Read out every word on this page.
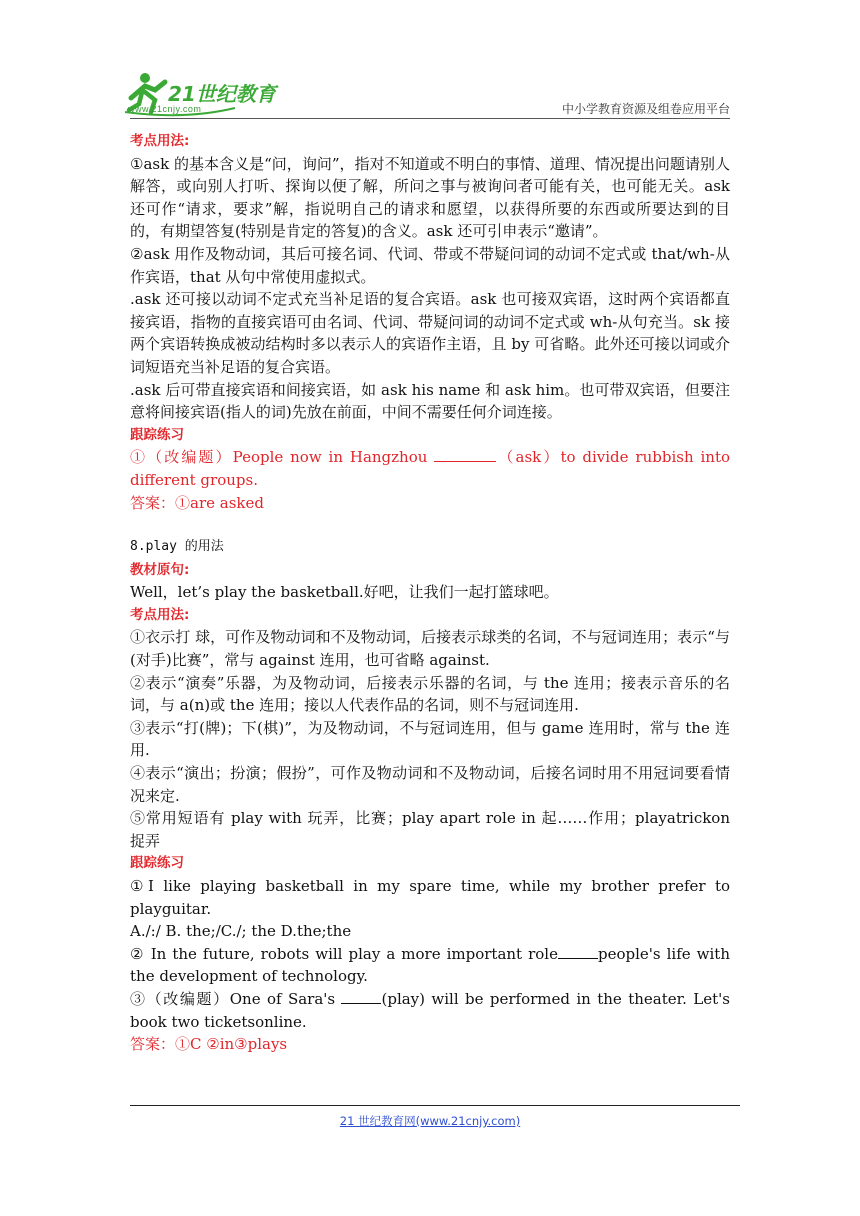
21世纪教育
www.21cnjy.com	中小学教育资源及组卷应用平台

考点用法:

①ask 的基本含义是“问，询问”，指对不知道或不明白的事情、道理、情况提出问题请别人解答，或向别人打听、探询以便了解，所问之事与被询问者可能有关，也可能无关。ask 还可作“请求，要求”解，指说明自己的请求和愿望，以获得所要的东西或所要达到的目的，有期望答复(特别是肯定的答复)的含义。ask 还可引申表示“邀请”。

②ask 用作及物动词，其后可接名词、代词、带或不带疑问词的动词不定式或 that/wh-从作宾语，that 从句中常使用虚拟式。

.ask 还可接以动词不定式充当补足语的复合宾语。ask 也可接双宾语，这时两个宾语都直接宾语，指物的直接宾语可由名词、代词、带疑问词的动词不定式或 wh-从句充当。sk 接两个宾语转换成被动结构时多以表示人的宾语作主语，且 by 可省略。此外还可接以词或介词短语充当补足语的复合宾语。

.ask 后可带直接宾语和间接宾语，如 ask his name 和 ask him。也可带双宾语，但要注意将间接宾语(指人的词)先放在前面，中间不需要任何介词连接。

跟踪练习

①（改编题）People now in Hangzhou	（ask）to divide rubbish into different groups.

答案：①are asked

8.play 的用法

教材原句:

Well，let’s play the basketball.好吧，让我们一起打篮球吧。

考点用法:

①衣示打 球，可作及物动词和不及物动词，后接表示球类的名词，不与冠词连用；表示“与(对手)比赛”，常与 against 连用，也可省略 against.

②表示“演奏”乐器，为及物动词，后接表示乐器的名词，与 the 连用；接表示音乐的名词，与 a(n)或 the 连用；接以人代表作品的名词，则不与冠词连用.

③表示“打(牌)；下(棋)”，为及物动词，不与冠词连用，但与 game 连用时，常与 the 连用.

④表示“演出；扮演；假扮”，可作及物动词和不及物动词，后接名词时用不用冠词要看情况来定.

⑤常用短语有 play with 玩弄，比赛；play apart role in 起……作用；playatrickon 捉弄

跟踪练习

①I like playing basketball in my spare time, while my brother prefer to playguitar.

A./:/ B. the;/C./; the D.the;the

② In the future, robots will play a more important role	people's life with the development of technology.

③（改编题）One of Sara's	(play) will be performed in the theater. Let's book two ticketsonline.

答案：①C ②in③plays

21 世纪教育网(www.21cnjy.com)
